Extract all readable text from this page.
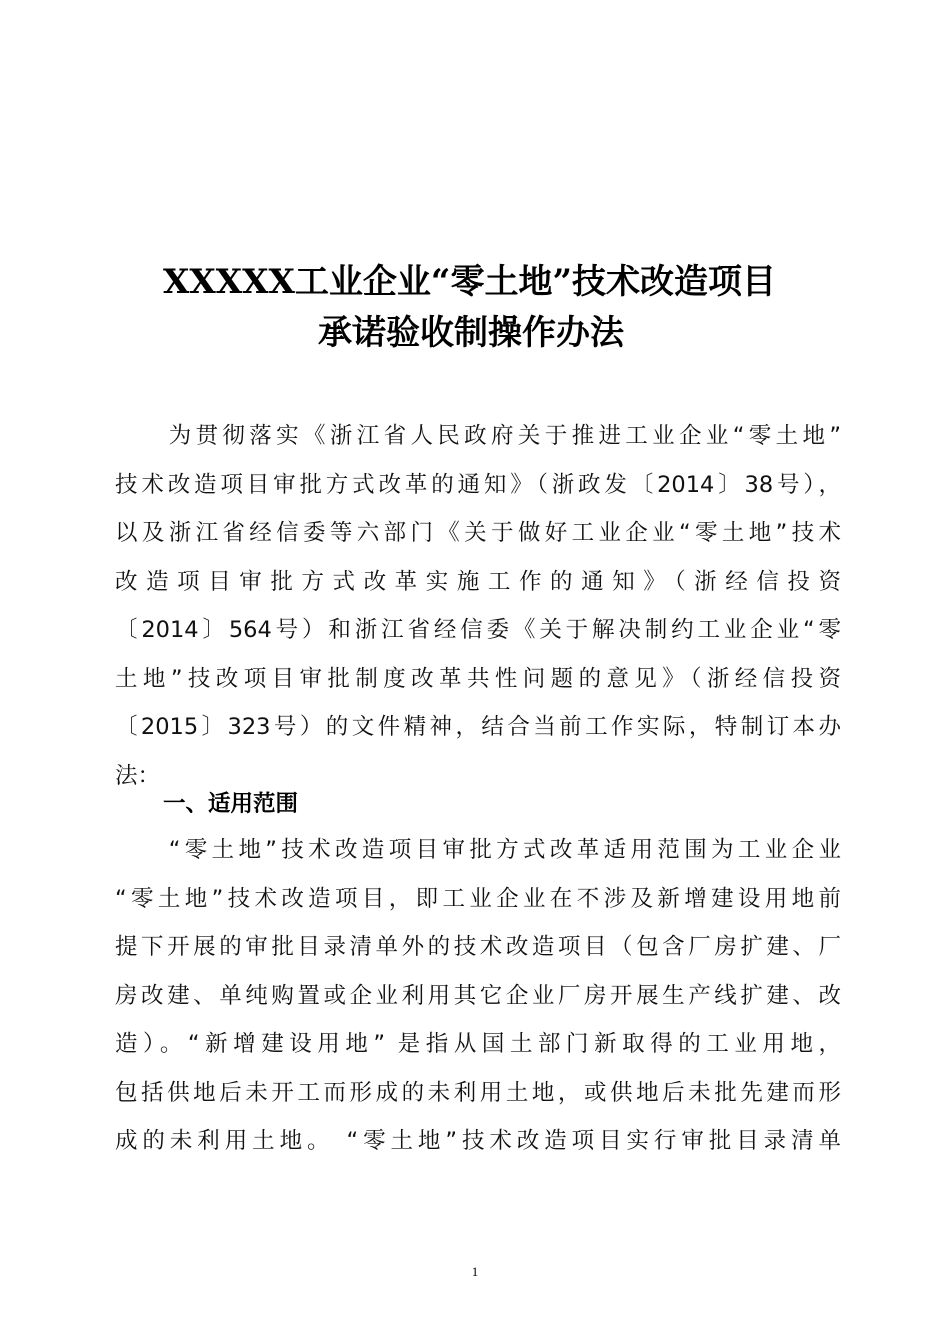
XXXXX工业企业“零土地”技术改造项目
承诺验收制操作办法
　　为贯彻落实《浙江省人民政府关于推进工业企业“零土地”
技术改造项目审批方式改革的通知》（浙政发〔2014〕38号），
以及浙江省经信委等六部门《关于做好工业企业“零土地”技术
改造项目审批方式改革实施工作的通知》（浙经信投资
〔2014〕564号）和浙江省经信委《关于解决制约工业企业“零
土地”技改项目审批制度改革共性问题的意见》（浙经信投资
〔2015〕323号）的文件精神，结合当前工作实际，特制订本办
法：
一、适用范围
　　“零土地”技术改造项目审批方式改革适用范围为工业企业
“零土地”技术改造项目，即工业企业在不涉及新增建设用地前
提下开展的审批目录清单外的技术改造项目（包含厂房扩建、厂
房改建、单纯购置或企业利用其它企业厂房开展生产线扩建、改
造）。“新增建设用地” 是指从国土部门新取得的工业用地，
包括供地后未开工而形成的未利用土地，或供地后未批先建而形
成的未利用土地。 “零土地”技术改造项目实行审批目录清单
1
